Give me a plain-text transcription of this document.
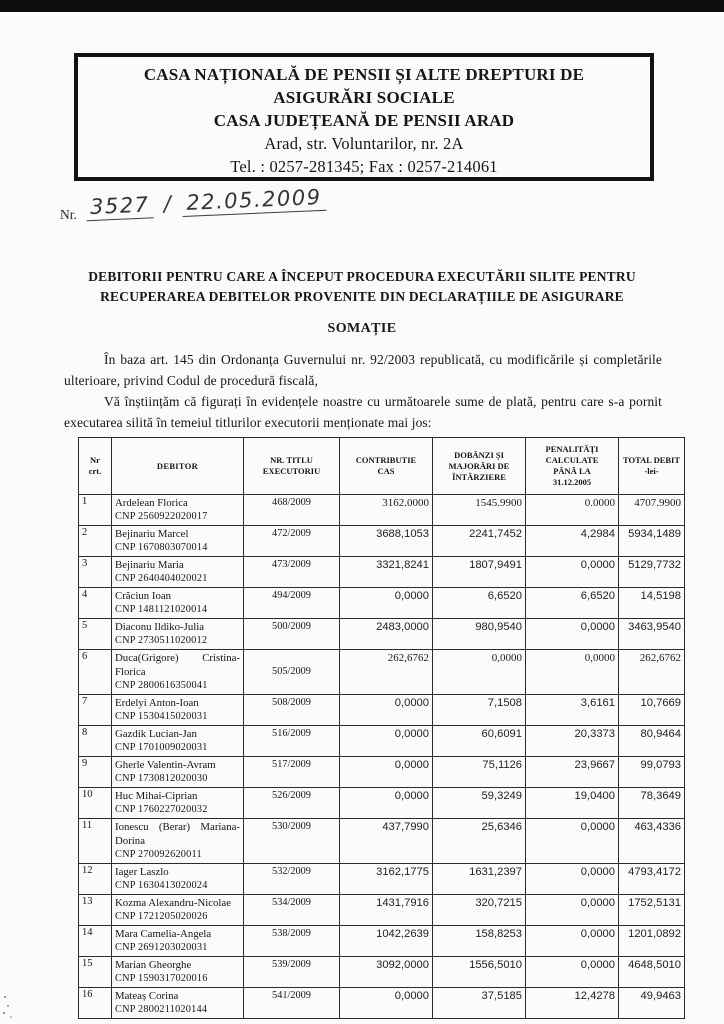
CASA NAȚIONALĂ DE PENSII ȘI ALTE DREPTURI DE
ASIGURĂRI SOCIALE
CASA JUDEȚEANĂ DE PENSII ARAD
Arad, str. Voluntarilor, nr. 2A
Tel. : 0257-281345; Fax : 0257-214061
Nr. 3527 / 22.05.2009
DEBITORII PENTRU CARE A ÎNCEPUT PROCEDURA EXECUTĂRII SILITE PENTRU
RECUPERAREA DEBITELOR PROVENITE DIN DECLARAȚIILE DE ASIGURARE
SOMAȚIE

În baza art. 145 din Ordonanța Guvernului nr. 92/2003 republicată, cu modificările și completările ulterioare, privind Codul de procedură fiscală,

Vă înștiințăm că figurați în evidențele noastre cu următoarele sume de plată, pentru care s-a pornit executarea silită în temeiul titlurilor executorii menționate mai jos:

Nr
crt.

DEBITOR

NR. TITLU
EXECUTORIU

CONTRIBUTIE
CAS

DOBÂNZI ȘI
MAJORĂRI DE
ÎNTÂRZIERE

PENALITĂȚI
CALCULATE
PÂNĂ LA
31.12.2005

TOTAL DEBIT
-lei-

1	Ardelean Florica
CNP 2560922020017	468/2009	3162.0000	1545.9900	0.0000	4707.9900
2	Bejinariu Marcel
CNP 1670803070014	472/2009	3688,1053	2241,7452	4,2984	5934,1489
3	Bejinariu Maria
CNP 2640404020021	473/2009	3321,8241	1807,9491	0,0000	5129,7732
4	Crăciun Ioan
CNP 1481121020014	494/2009	0,0000	6,6520	6,6520	14,5198
5	Diaconu Ildiko-Julia
CNP 2730511020012	500/2009	2483,0000	980,9540	0,0000	3463,9540
6	Duca(Grigore) Cristina-Florica
CNP 2800616350041	505/2009	262,6762	0,0000	0,0000	262,6762
7	Erdelyi Anton-Ioan
CNP 1530415020031	508/2009	0,0000	7,1508	3,6161	10,7669
8	Gazdik Lucian-Jan
CNP 1701009020031	516/2009	0,0000	60,6091	20,3373	80,9464
9	Gherle Valentin-Avram
CNP 1730812020030	517/2009	0,0000	75,1126	23,9667	99,0793
10	Huc Mihai-Ciprian
CNP 1760227020032	526/2009	0,0000	59,3249	19,0400	78,3649
11	Ionescu (Berar) Mariana-Dorina
CNP 270092620011	530/2009	437,7990	25,6346	0,0000	463,4336
12	Iager Laszlo
CNP 1630413020024	532/2009	3162,1775	1631,2397	0,0000	4793,4172
13	Kozma Alexandru-Nicolae
CNP 1721205020026	534/2009	1431,7916	320,7215	0,0000	1752,5131
14	Mara Camelia-Angela
CNP 2691203020031	538/2009	1042,2639	158,8253	0,0000	1201,0892
15	Marian Gheorghe
CNP 1590317020016	539/2009	3092,0000	1556,5010	0,0000	4648,5010
16	Mateaș Corina
CNP 2800211020144	541/2009	0,0000	37,5185	12,4278	49,9463
